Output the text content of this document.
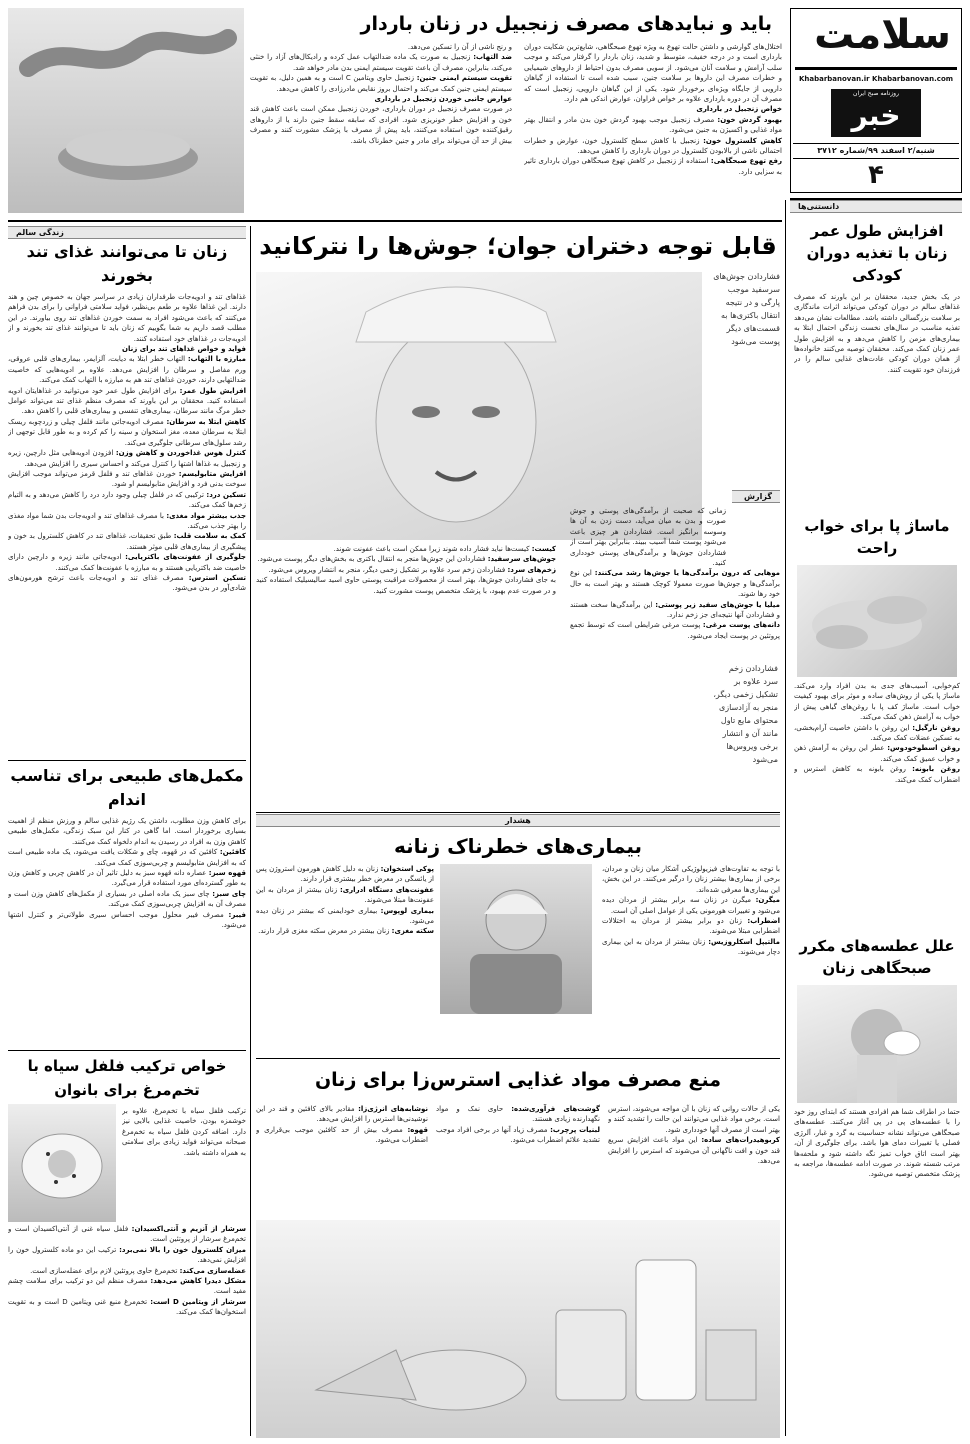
سلامت
Khabarbanovan.ir Khabarbanovan.com
روزنامه صبح ایران
خبر
شنبه/۲ اسفند ۹۹/شماره ۳۷۱۲
۴
دانستنی‌ها
افزایش طول عمر زنان با تغذیه دوران کودکی
در یک بخش جدید، محققان بر این باورند که مصرف غذاهای سالم در دوران کودکی می‌تواند اثرات ماندگاری بر سلامت بزرگسالی داشته باشد. مطالعات نشان می‌دهد تغذیه مناسب در سال‌های نخست زندگی احتمال ابتلا به بیماری‌های مزمن را کاهش می‌دهد و به افزایش طول عمر زنان کمک می‌کند. محققان توصیه می‌کنند خانواده‌ها از همان دوران کودکی عادت‌های غذایی سالم را در فرزندان خود تقویت کنند.
ماساژ پا برای خواب راحت
کم‌خوابی، آسیب‌های جدی به بدن افراد وارد می‌کند. ماساژ پا یکی از روش‌های ساده و موثر برای بهبود کیفیت خواب است. ماساژ کف پا با روغن‌های گیاهی پیش از خواب به آرامش ذهن کمک می‌کند.
روغن نارگیل: این روغن با داشتن خاصیت آرام‌بخشی، به تسکین عضلات کمک می‌کند.
روغن اسطوخودوس: عطر این روغن به آرامش ذهن و خواب عمیق کمک می‌کند.
روغن بابونه: روغن بابونه به کاهش استرس و اضطراب کمک می‌کند.
علل عطسه‌های مکرر صبحگاهی زنان
حتما در اطراف شما هم افرادی هستند که ابتدای روز خود را با عطسه‌های پی در پی آغاز می‌کنند. عطسه‌های صبحگاهی می‌تواند نشانه حساسیت به گرد و غبار، آلرژی فصلی یا تغییرات دمای هوا باشد. برای جلوگیری از آن، بهتر است اتاق خواب تمیز نگه داشته شود و ملحفه‌ها مرتب شسته شوند. در صورت ادامه عطسه‌ها، مراجعه به پزشک متخصص توصیه می‌شود.
باید و نبایدهای مصرف زنجبیل در زنان باردار
اختلال‌های گوارشی و داشتن حالت تهوع به ویژه تهوع صبحگاهی، شایع‌ترین شکایت دوران بارداری است و در درجه خفیف، متوسط و شدید، زنان باردار را گرفتار می‌کند و موجب سلب آرامش و سلامت آنان می‌شود. از سویی مصرف بدون احتیاط از داروهای شیمیایی و خطرات مصرف این داروها بر سلامت جنین، سبب شده است تا استفاده از گیاهان دارویی از جایگاه ویژه‌ای برخوردار شود. یکی از این گیاهان دارویی، زنجبیل است که مصرف آن در دوره بارداری علاوه بر خواص فراوان، عوارض اندکی هم دارد.
خواص زنجبیل در بارداری
بهبود گردش خون: مصرف زنجبیل موجب بهبود گردش خون بدن مادر و انتقال بهتر مواد غذایی و اکسیژن به جنین می‌شود.
کاهش کلسترول خون: زنجبیل با کاهش سطح کلسترول خون، عوارض و خطرات احتمالی ناشی از بالابودن کلسترول در دوران بارداری را کاهش می‌دهد.
رفع تهوع صبحگاهی: استفاده از زنجبیل در کاهش تهوع صبحگاهی دوران بارداری تاثیر به سزایی دارد.
و رنج ناشی از آن را تسکین می‌دهد.
ضد التهاب: زنجبیل به صورت یک ماده ضدالتهاب عمل کرده و رادیکال‌های آزاد را خنثی می‌کند، بنابراین، مصرف آن باعث تقویت سیستم ایمنی بدن مادر خواهد شد.
تقویت سیستم ایمنی جنین: زنجبیل حاوی ویتامین C است و به همین دلیل، به تقویت سیستم ایمنی جنین کمک می‌کند و احتمال بروز نقایص مادرزادی را کاهش می‌دهد.
عوارض جانبی خوردن زنجبیل در بارداری
در صورت مصرف زنجبیل در دوران بارداری، خوردن زنجبیل ممکن است باعث کاهش قند خون و افزایش خطر خونریزی شود. افرادی که سابقه سقط جنین دارند یا از داروهای رقیق‌کننده خون استفاده می‌کنند، باید پیش از مصرف با پزشک مشورت کنند و مصرف بیش از حد آن می‌تواند برای مادر و جنین خطرناک باشد.
زندگی سالم
زنان تا می‌توانند غذای تند بخورند
غذاهای تند و ادویه‌جات طرفداران زیادی در سراسر جهان به خصوص چین و هند دارند. این غذاها علاوه بر طعم بی‌نظیر، فواید سلامتی فراوانی را برای بدن فراهم می‌کنند که باعث می‌شود افراد به سمت خوردن غذاهای تند روی بیاورند. در این مطلب قصد داریم به شما بگوییم که زنان باید تا می‌توانند غذای تند بخورند و از ادویه‌جات در غذاهای خود استفاده کنند.
فواید و خواص غذاهای تند برای زنان
مبارزه با التهاب: التهاب خطر ابتلا به دیابت، آلزایمر، بیماری‌های قلبی عروقی، ورم مفاصل و سرطان را افزایش می‌دهد. علاوه بر ادویه‌هایی که خاصیت ضدالتهابی دارند، خوردن غذاهای تند هم به مبارزه با التهاب کمک می‌کند.
افزایش طول عمر: برای افزایش طول عمر خود می‌توانید در غذاهایتان ادویه استفاده کنید. محققان بر این باورند که مصرف منظم غذای تند می‌تواند عوامل خطر مرگ مانند سرطان، بیماری‌های تنفسی و بیماری‌های قلبی را کاهش دهد.
کاهش ابتلا به سرطان: مصرف ادویه‌جاتی مانند فلفل چیلی و زردچوبه ریسک ابتلا به سرطان معده، مغز استخوان و سینه را کم کرده و به طور قابل توجهی از رشد سلول‌های سرطانی جلوگیری می‌کند.
کنترل هوس غذاخوردن و کاهش وزن: افزودن ادویه‌هایی مثل دارچین، زیره و زنجبیل به غذاها اشتها را کنترل می‌کند و احساس سیری را افزایش می‌دهد.
افزایش متابولیسم: خوردن غذاهای تند و فلفل قرمز می‌تواند موجب افزایش سوخت بدنی فرد و افزایش متابولیسم او شود.
تسکین درد: ترکیبی که در فلفل چیلی وجود دارد درد را کاهش می‌دهد و به التیام زخم‌ها کمک می‌کند.
جذب بیشتر مواد مغذی: با مصرف غذاهای تند و ادویه‌جات بدن شما مواد مغذی را بهتر جذب می‌کند.
کمک به سلامت قلب: طبق تحقیقات، غذاهای تند در کاهش کلسترول بد خون و پیشگیری از بیماری‌های قلبی موثر هستند.
جلوگیری از عفونت‌های باکتریایی: ادویه‌جاتی مانند زیره و دارچین دارای خاصیت ضد باکتریایی هستند و به مبارزه با عفونت‌ها کمک می‌کنند.
تسکین استرس: مصرف غذای تند و ادویه‌جات باعث ترشح هورمون‌های شادی‌آور در بدن می‌شود.
مکمل‌های طبیعی برای تناسب اندام
برای کاهش وزن مطلوب، داشتن یک رژیم غذایی سالم و ورزش منظم از اهمیت بسیاری برخوردار است. اما گاهی در کنار این سبک زندگی، مکمل‌های طبیعی کاهش وزن به افراد در رسیدن به اندام دلخواه کمک می‌کنند.
کافئین: کافئین که در قهوه، چای و شکلات یافت می‌شود، یک ماده طبیعی است که به افزایش متابولیسم و چربی‌سوزی کمک می‌کند.
قهوه سبز: عصاره دانه قهوه سبز به دلیل تاثیر آن در کاهش چربی و کاهش وزن به طور گسترده‌ای مورد استفاده قرار می‌گیرد.
چای سبز: چای سبز یک ماده اصلی در بسیاری از مکمل‌های کاهش وزن است و مصرف آن به افزایش چربی‌سوزی کمک می‌کند.
فیبر: مصرف فیبر محلول موجب احساس سیری طولانی‌تر و کنترل اشتها می‌شود.
خواص ترکیب فلفل سیاه با تخم‌مرغ برای بانوان
ترکیب فلفل سیاه با تخم‌مرغ، علاوه بر خوشمزه بودن، خاصیت غذایی بالایی نیز دارد. اضافه کردن فلفل سیاه به تخم‌مرغ صبحانه می‌تواند فواید زیادی برای سلامتی به همراه داشته باشد.
سرشار از آنزیم و آنتی‌اکسیدان: فلفل سیاه غنی از آنتی‌اکسیدان است و تخم‌مرغ سرشار از پروتئین است.
میزان کلسترول خون را بالا نمی‌برد: ترکیب این دو ماده کلسترول خون را افزایش نمی‌دهد.
عضله‌سازی می‌کند: تخم‌مرغ حاوی پروتئین لازم برای عضله‌سازی است.
مشکل دیدرا کاهش می‌دهد: مصرف منظم این دو ترکیب برای سلامت چشم مفید است.
سرشار از ویتامین D است: تخم‌مرغ منبع غنی ویتامین D است و به تقویت استخوان‌ها کمک می‌کند.
قابل توجه دختران جوان؛ جوش‌ها را نترکانید
فشاردادن جوش‌های سرسفید موجب پارگی و در نتیجه انتقال باکتری‌ها به قسمت‌های دیگر پوست می‌شود
گزارش
زمانی که صحبت از برآمدگی‌های پوستی و جوش صورت و بدن به میان می‌آید، دست زدن به آن ها وسوسه برانگیز است. فشاردادن هر چیزی باعث می‌شود پوست شما آسیب ببیند. بنابراین بهتر است از فشاردادن جوش‌ها و برآمدگی‌های پوستی خودداری کنید.
موهایی که درون برآمدگی‌ها یا جوش‌ها رشد می‌کنند: این نوع برآمدگی‌ها و جوش‌ها صورت معمولا کوچک هستند و بهتر است به حال خود رها شوند.
میلیا یا جوش‌های سفید زیر پوستی: این برآمدگی‌ها سخت هستند و فشاردادن آنها نتیجه‌ای جز زخم ندارد.
دانه‌های پوست مرغی: پوست مرغی شرایطی است که توسط تجمع پروتئین در پوست ایجاد می‌شود.
کیست: کیست‌ها نباید فشار داده شوند زیرا ممکن است باعث عفونت شوند.
جوش‌های سرسفید: فشاردادن این جوش‌ها منجر به انتقال باکتری به بخش‌های دیگر پوست می‌شود.
زخم‌های سرد: فشاردادن زخم سرد علاوه بر تشکیل زخمی دیگر، منجر به انتشار ویروس می‌شود.
به جای فشاردادن جوش‌ها، بهتر است از محصولات مراقبت پوستی حاوی اسید سالیسیلیک استفاده کنید و در صورت عدم بهبود، با پزشک متخصص پوست مشورت کنید.
فشاردادن زخم سرد علاوه بر تشکیل زخمی دیگر، منجر به آزادسازی محتوای مایع تاول مانند آن و انتشار برخی ویروس‌ها می‌شود
هشدار
بیماری‌های خطرناک زنانه
با توجه به تفاوت‌های فیزیولوژیکی آشکار میان زنان و مردان، برخی از بیماری‌ها بیشتر زنان را درگیر می‌کنند. در این بخش، این بیماری‌ها معرفی شده‌اند.
میگرن: میگرن در زنان سه برابر بیشتر از مردان دیده می‌شود و تغییرات هورمونی یکی از عوامل اصلی آن است.
اضطراب: زنان دو برابر بیشتر از مردان به اختلالات اضطرابی مبتلا می‌شوند.
مالتیپل اسکلروزیس: زنان بیشتر از مردان به این بیماری دچار می‌شوند.
پوکی استخوان: زنان به دلیل کاهش هورمون استروژن پس از یائسگی در معرض خطر بیشتری قرار دارند.
عفونت‌های دستگاه ادراری: زنان بیشتر از مردان به این عفونت‌ها مبتلا می‌شوند.
بیماری لوپوس: بیماری خودایمنی که بیشتر در زنان دیده می‌شود.
سکته مغزی: زنان بیشتر در معرض سکته مغزی قرار دارند.
منع مصرف مواد غذایی استرس‌زا برای زنان
یکی از حالات روانی که زنان با آن مواجه می‌شوند، استرس است. برخی مواد غذایی می‌توانند این حالت را تشدید کنند و بهتر است از مصرف آنها خودداری شود.
کربوهیدرات‌های ساده: این مواد باعث افزایش سریع قند خون و افت ناگهانی آن می‌شوند که استرس را افزایش می‌دهد.
گوشت‌های فرآوری‌شده: حاوی نمک و مواد نگهدارنده زیادی هستند.
لبنیات پرچرب: مصرف زیاد آنها در برخی افراد موجب تشدید علائم اضطراب می‌شود.
نوشابه‌های انرژی‌زا: مقادیر بالای کافئین و قند در این نوشیدنی‌ها استرس را افزایش می‌دهد.
قهوه: مصرف بیش از حد کافئین موجب بی‌قراری و اضطراب می‌شود.
